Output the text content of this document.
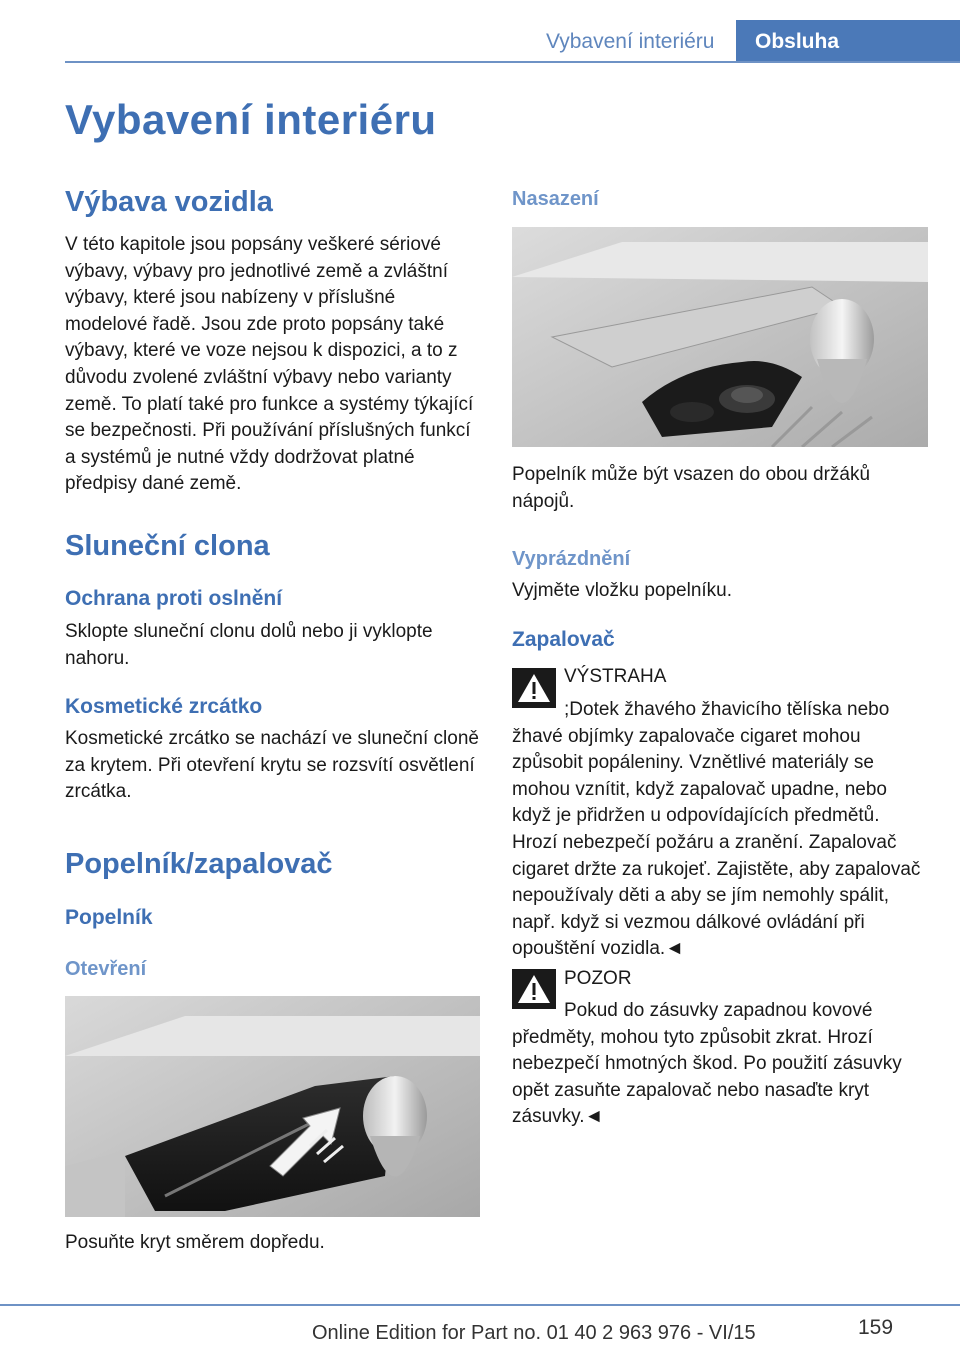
Vybavení interiéru	Obsluha
Vybavení interiéru
Výbava vozidla
V této kapitole jsou popsány veškeré sériové výbavy, výbavy pro jednotlivé země a zvláštní výbavy, které jsou nabízeny v příslušné modelové řadě. Jsou zde proto popsány také výbavy, které ve voze nejsou k dispozici, a to z důvodu zvolené zvláštní výbavy nebo varianty země. To platí také pro funkce a systémy týkající se bezpečnosti. Při používání příslušných funkcí a systémů je nutné vždy dodržovat platné předpisy dané země.
Sluneční clona
Ochrana proti oslnění
Sklopte sluneční clonu dolů nebo ji vyklopte nahoru.
Kosmetické zrcátko
Kosmetické zrcátko se nachází ve sluneční cloně za krytem. Při otevření krytu se rozsvítí osvětlení zrcátka.
Popelník/zapalovač
Popelník
Otevření
Posuňte kryt směrem dopředu.
Nasazení
Popelník může být vsazen do obou držáků nápojů.
Vyprázdnění
Vyjměte vložku popelníku.
Zapalovač
VÝSTRAHA
;Dotek žhavého žhavicího tělíska nebo žhavé objímky zapalovače cigaret mohou způsobit popáleniny. Vznětlivé materiály se mohou vznítit, když zapalovač upadne, nebo když je přidržen u odpovídajících předmětů. Hrozí nebezpečí požáru a zranění. Zapalovač cigaret držte za rukojeť. Zajistěte, aby zapalovač nepoužívaly děti a aby se jím nemohly spálit, např. když si vezmou dálkové ovládání při opouštění vozidla.◄
POZOR
Pokud do zásuvky zapadnou kovové předměty, mohou tyto způsobit zkrat. Hrozí nebezpečí hmotných škod. Po použití zásuvky opět zasuňte zapalovač nebo nasaďte kryt zásuvky.◄
159
Online Edition for Part no. 01 40 2 963 976 - VI/15
